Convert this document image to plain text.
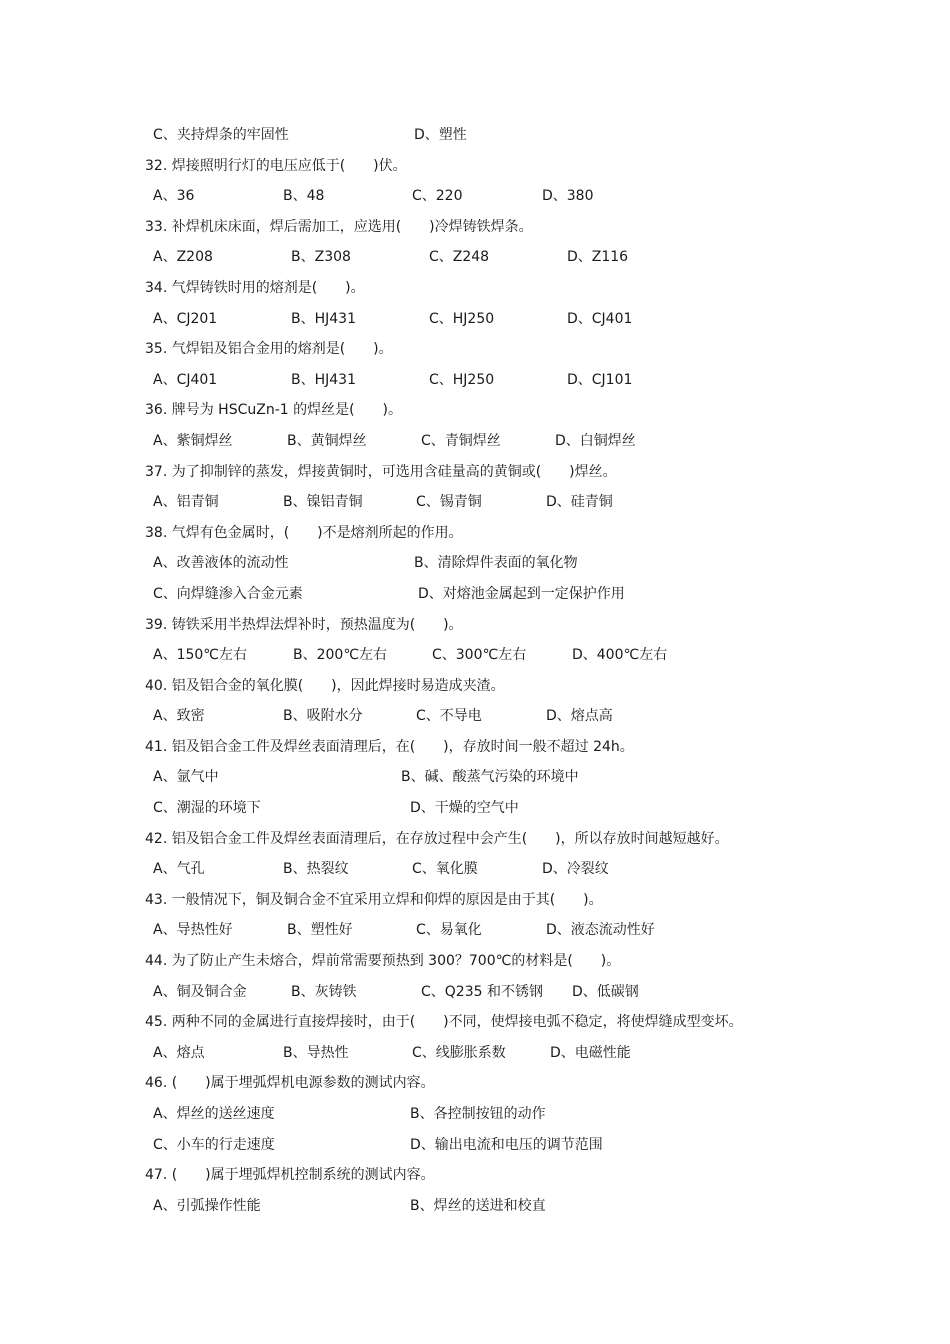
C、夹持焊条的牢固性	D、塑性
32. 焊接照明行灯的电压应低于(　　)伏。
A、36	B、48	C、220	D、380
33. 补焊机床床面，焊后需加工，应选用(　　)冷焊铸铁焊条。
A、Z208	B、Z308	C、Z248	D、Z116
34. 气焊铸铁时用的熔剂是(　　)。
A、CJ201	B、HJ431	C、HJ250	D、CJ401
35. 气焊铝及铝合金用的熔剂是(　　)。
A、CJ401	B、HJ431	C、HJ250	D、CJ101
36. 牌号为 HSCuZn-1 的焊丝是(　　)。
A、紫铜焊丝	B、黄铜焊丝	C、青铜焊丝	D、白铜焊丝
37. 为了抑制锌的蒸发，焊接黄铜时，可选用含硅量高的黄铜或(　　)焊丝。
A、铝青铜	B、镍铝青铜	C、锡青铜	D、硅青铜
38. 气焊有色金属时，(　　)不是熔剂所起的作用。
A、改善液体的流动性	B、清除焊件表面的氧化物
C、向焊缝渗入合金元素	D、对熔池金属起到一定保护作用
39. 铸铁采用半热焊法焊补时，预热温度为(　　)。
A、150℃左右	B、200℃左右	C、300℃左右	D、400℃左右
40. 铝及铝合金的氧化膜(　　)，因此焊接时易造成夹渣。
A、致密	B、吸附水分	C、不导电	D、熔点高
41. 铝及铝合金工件及焊丝表面清理后，在(　　)，存放时间一般不超过 24h。
A、氩气中	B、碱、酸蒸气污染的环境中
C、潮湿的环境下	D、干燥的空气中
42. 铝及铝合金工件及焊丝表面清理后，在存放过程中会产生(　　)，所以存放时间越短越好。
A、气孔	B、热裂纹	C、氧化膜	D、冷裂纹
43. 一般情况下，铜及铜合金不宜采用立焊和仰焊的原因是由于其(　　)。
A、导热性好	B、塑性好	C、易氧化	D、液态流动性好
44. 为了防止产生未熔合，焊前常需要预热到 300？700℃的材料是(　　)。
A、铜及铜合金	B、灰铸铁	C、Q235 和不锈钢 D、低碳钢
45. 两种不同的金属进行直接焊接时，由于(　　)不同，使焊接电弧不稳定，将使焊缝成型变坏。
A、熔点	B、导热性	C、线膨胀系数	D、电磁性能
46. (　　)属于埋弧焊机电源参数的测试内容。
A、焊丝的送丝速度	B、各控制按钮的动作
C、小车的行走速度	D、输出电流和电压的调节范围
47. (　　)属于埋弧焊机控制系统的测试内容。
A、引弧操作性能	B、焊丝的送进和校直
